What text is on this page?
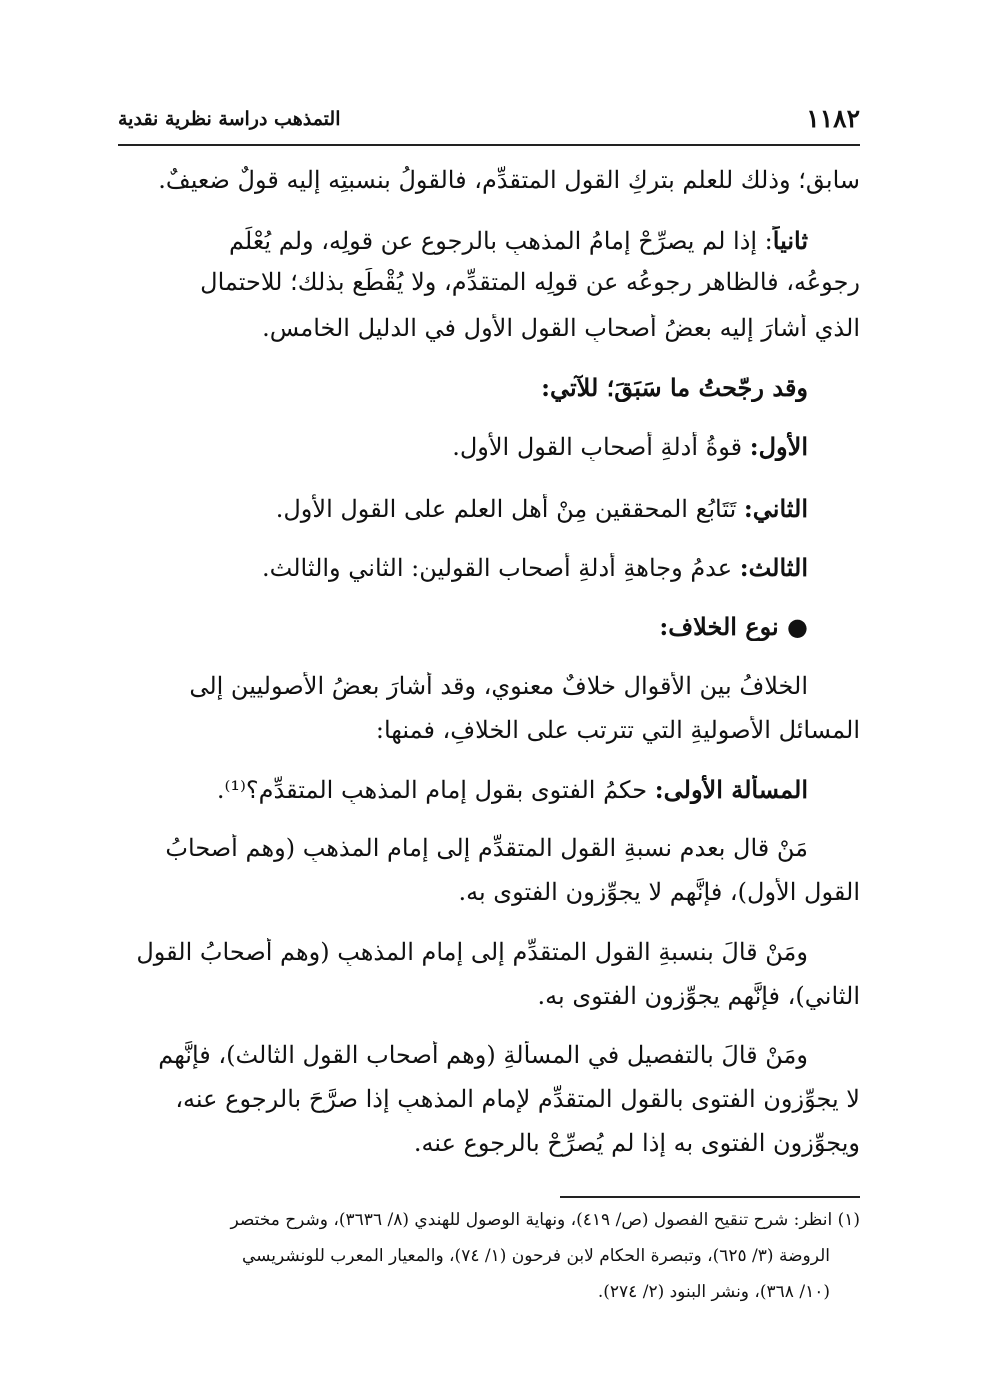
١١٨٢
التمذهب دراسة نظرية نقدية
سابقٍ؛ وذلك للعلمِ بتركِ القولِ المتقدِّم، فالقولُ بنسبتِه إليه قولٌ ضعيفٌ.
ثانياً: إذا لم يصرِّحْ إمامُ المذهبِ بالرجوعِ عن قولِه، ولم يُعْلَم
رجوعُه، فالظاهر رجوعُه عن قولِه المتقدِّم، ولا يُقْطَع بذلك؛ للاحتمالِ
الذي أشارَ إليه بعضُ أصحابِ القولِ الأولِ في الدليلِ الخامسِ.
وقد رجّحتُ ما سَبَقَ؛ للآتي:
الأول: قوةُ أدلةِ أصحابِ القولِ الأولِ.
الثاني: تَتَابُع المحققين مِنْ أهلِ العلمِ على القولِ الأولِ.
الثالث: عدمُ وجاهةِ أدلةِ أصحاب القولين: الثاني والثالث.
● نوع الخلاف:
الخلافُ بين الأقوالِ خلافٌ معنوي، وقد أشارَ بعضُ الأصوليين إلى
المسائلِ الأصوليةِ التي تترتب على الخلافِ، فمنها:
المسألة الأولى: حكمُ الفتوى بقولِ إمامِ المذهبِ المتقدِّم؟⁽¹⁾.
مَنْ قال بعدمِ نسبةِ القولِ المتقدِّمِ إلى إمامِ المذهبِ (وهم أصحابُ
القولِ الأولِ)، فإنَّهم لا يجوِّزون الفتوى به.
ومَنْ قالَ بنسبةِ القولِ المتقدِّمِ إلى إمامِ المذهبِ (وهم أصحابُ القولِ
الثاني)، فإنَّهم يجوِّزون الفتوى به.
ومَنْ قالَ بالتفصيلِ في المسألةِ (وهم أصحاب القول الثالث)، فإنَّهم
لا يجوِّزون الفتوى بالقولِ المتقدِّمِ لإمامِ المذهبِ إذا صرَّحَ بالرجوعِ عنه،
ويجوِّزون الفتوى به إذا لم يُصرِّحْ بالرجوعِ عنه.
(١) انظر: شرح تنقيح الفصول (ص/ ٤١٩)، ونهاية الوصول للهندي (٨/ ٣٦٣٦)، وشرح مختصر
الروضة (٣/ ٦٢٥)، وتبصرة الحكام لابن فرحون (١/ ٧٤)، والمعيار المعرب للونشريسي
(١٠/ ٣٦٨)، ونشر البنود (٢/ ٢٧٤).
